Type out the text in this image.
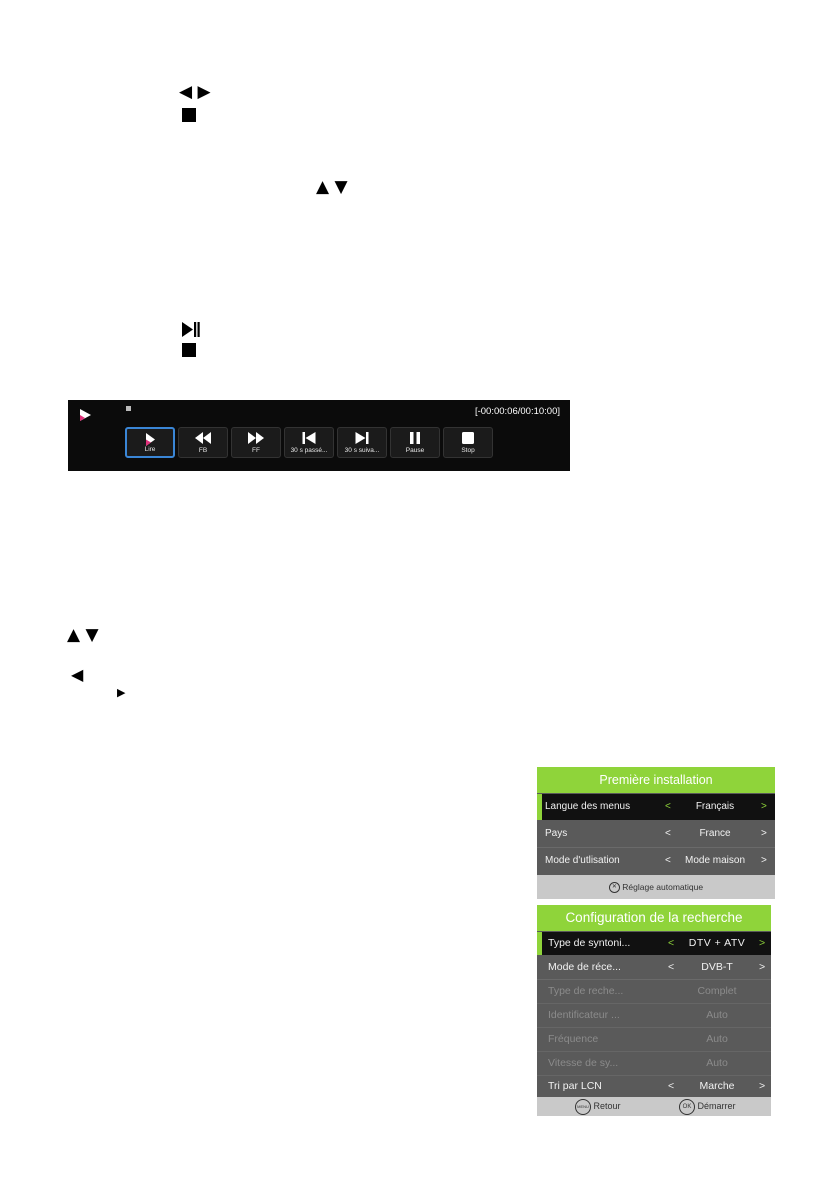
◀ ▶
▲ ▼
[-00:00:06/00:10:00]
Lire	FB	FF	30 s passé...	30 s suiva...	Pause	Stop
▲ ▼
◀
▶
Première installation
Langue des menus	<	Français	>
Pays	<	France	>
Mode d'utlisation	<	Mode maison	>
✕ Réglage automatique
Configuration de la recherche
Type de syntoni...	<	DTV + ATV	>
Mode de réce...	<	DVB-T	>
Type de reche...	Complet
Identificateur ...	Auto
Fréquence	Auto
Vitesse de sy...	Auto
Tri par LCN	<	Marche	>
MENU Retour	OK Démarrer
